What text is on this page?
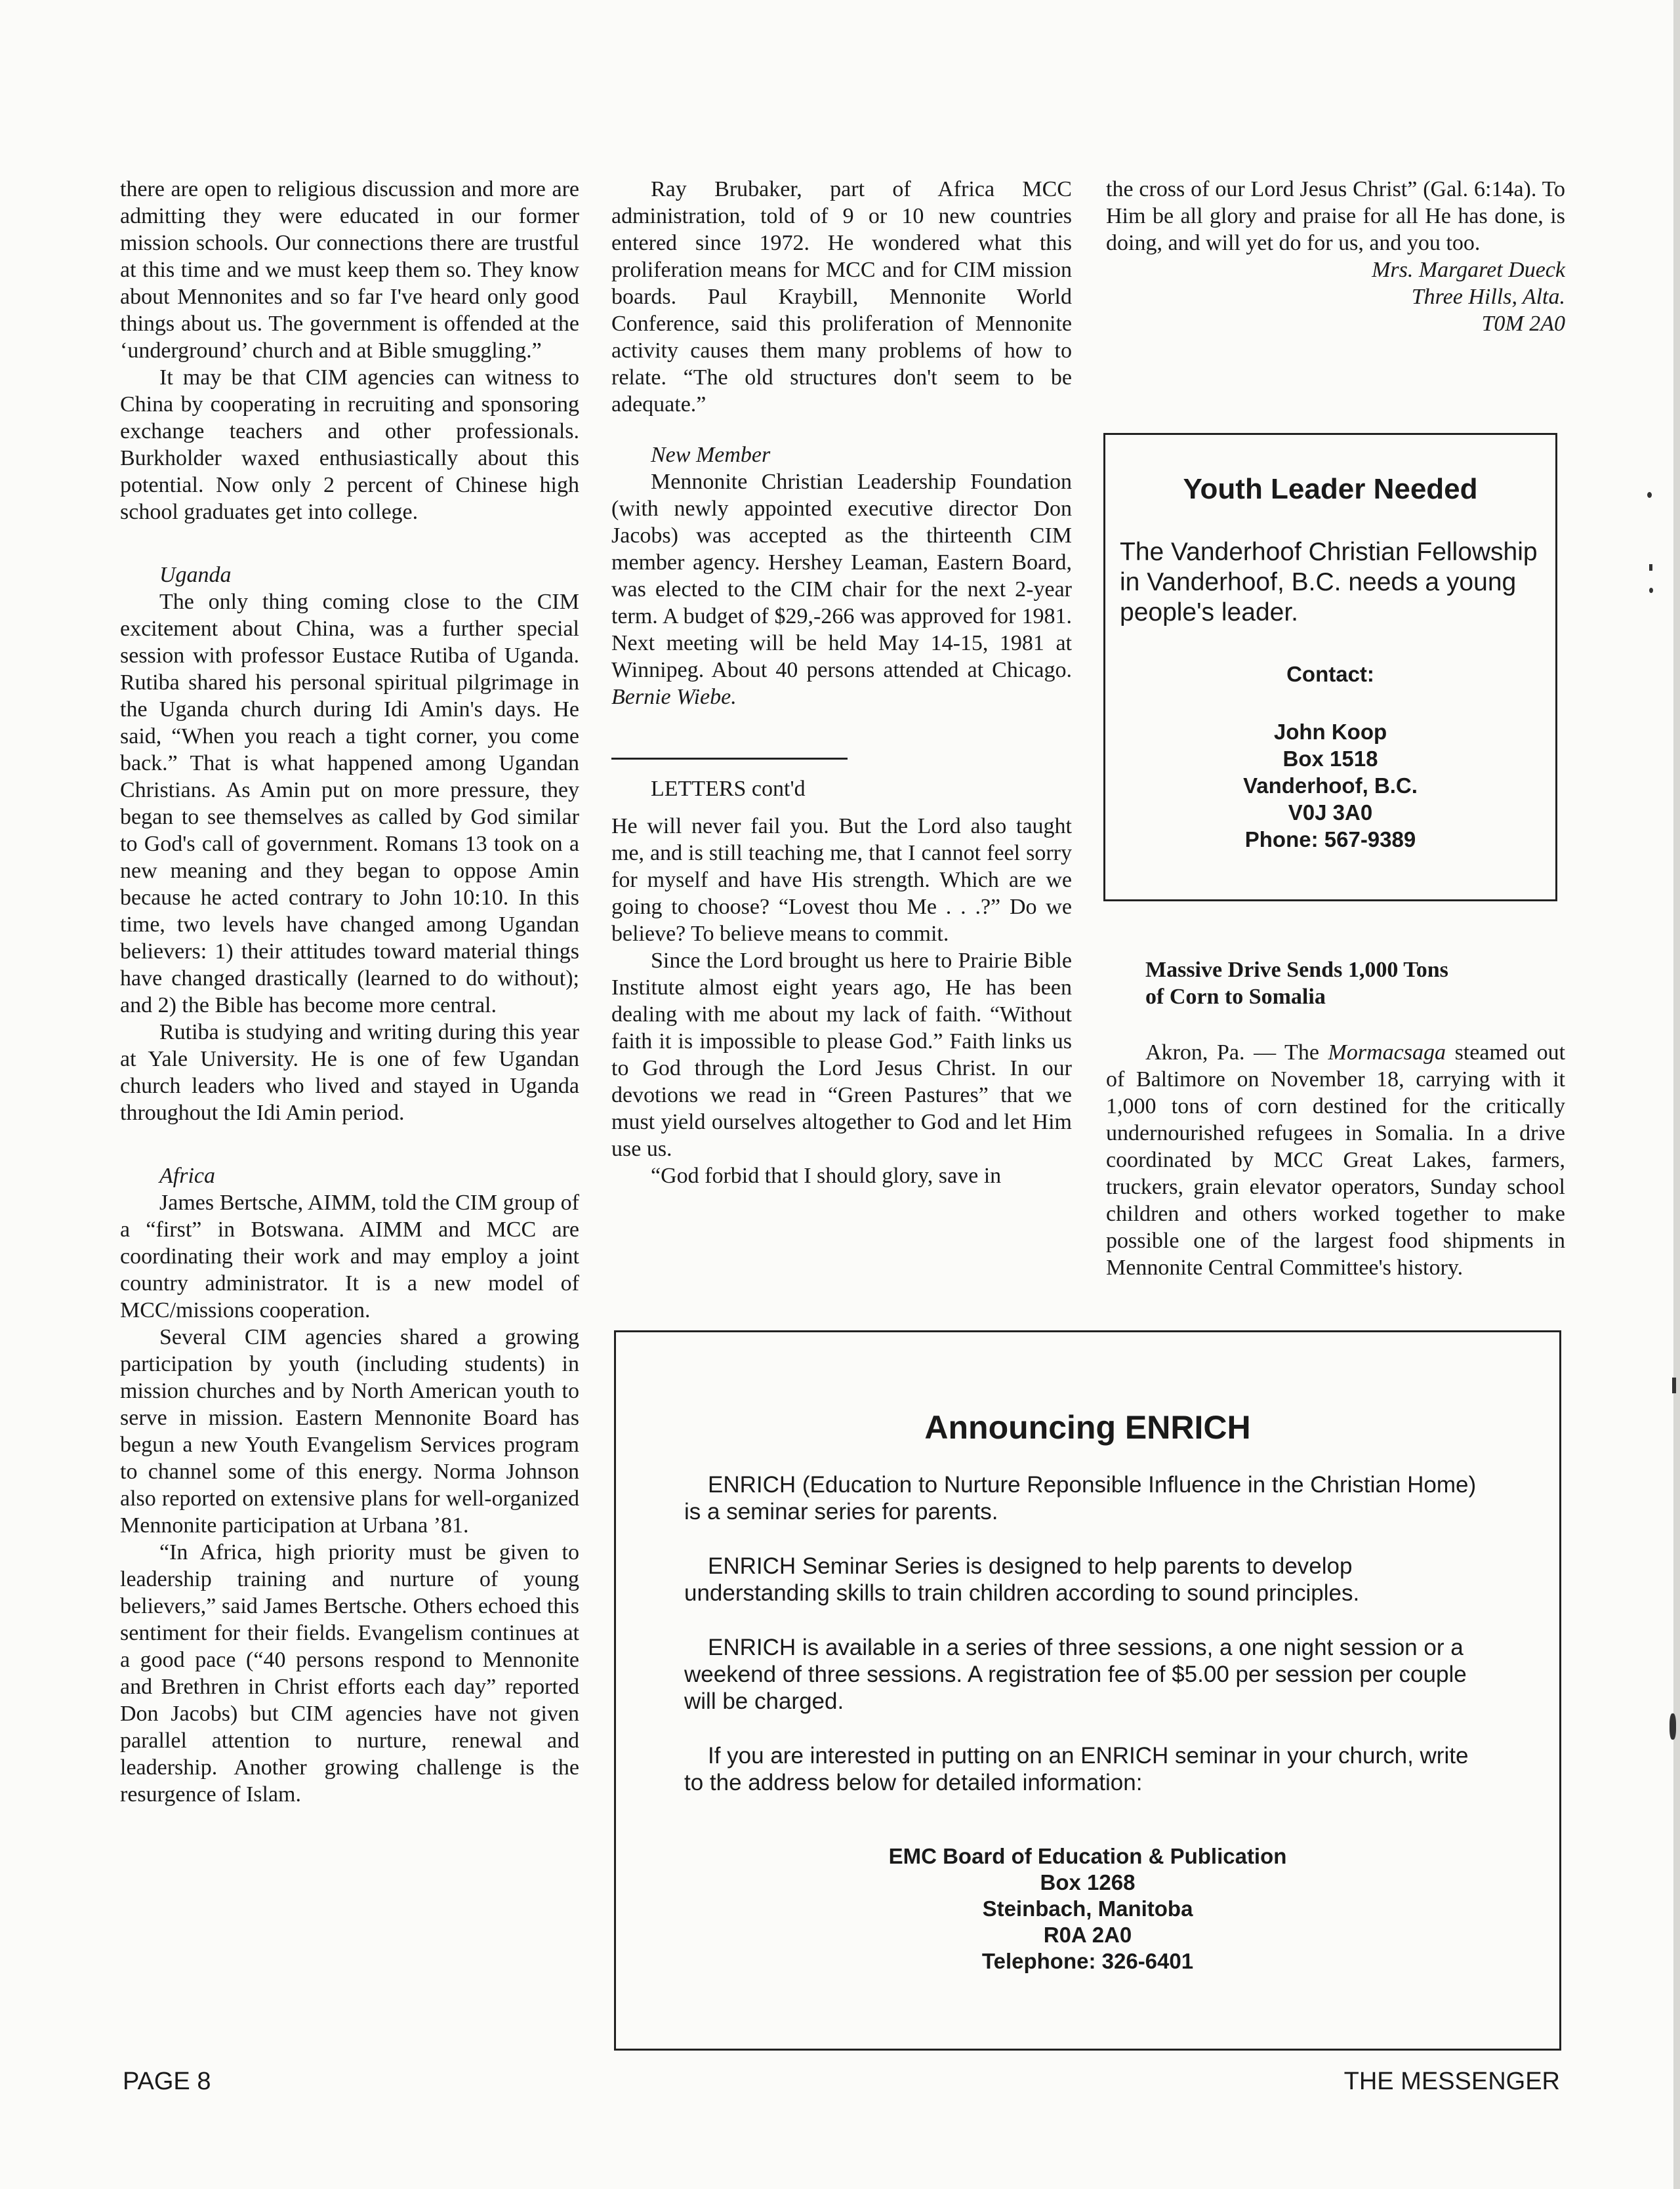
there are open to religious discussion and more are admitting they were educated in our former mission schools. Our connections there are trustful at this time and we must keep them so. They know about Mennonites and so far I've heard only good things about us. The government is offended at the ‘underground’ church and at Bible smuggling.”

It may be that CIM agencies can witness to China by cooperating in recruiting and sponsoring exchange teachers and other professionals. Burkholder waxed enthusiastically about this potential. Now only 2 percent of Chinese high school graduates get into college.

Uganda

The only thing coming close to the CIM excitement about China, was a further special session with professor Eustace Rutiba of Uganda. Rutiba shared his personal spiritual pilgrimage in the Uganda church during Idi Amin's days. He said, “When you reach a tight corner, you come back.” That is what happened among Ugandan Christians. As Amin put on more pressure, they began to see themselves as called by God similar to God's call of government. Romans 13 took on a new meaning and they began to oppose Amin because he acted contrary to John 10:10. In this time, two levels have changed among Ugandan believers: 1) their attitudes toward material things have changed drastically (learned to do without); and 2) the Bible has become more central.

Rutiba is studying and writing during this year at Yale University. He is one of few Ugandan church leaders who lived and stayed in Uganda throughout the Idi Amin period.

Africa

James Bertsche, AIMM, told the CIM group of a “first” in Botswana. AIMM and MCC are coordinating their work and may employ a joint country administrator. It is a new model of MCC/missions cooperation.

Several CIM agencies shared a growing participation by youth (including students) in mission churches and by North American youth to serve in mission. Eastern Mennonite Board has begun a new Youth Evangelism Services program to channel some of this energy. Norma Johnson also reported on extensive plans for well-organized Mennonite participation at Urbana ’81.

“In Africa, high priority must be given to leadership training and nurture of young believers,” said James Bertsche. Others echoed this sentiment for their fields. Evangelism continues at a good pace (“40 persons respond to Mennonite and Brethren in Christ efforts each day” reported Don Jacobs) but CIM agencies have not given parallel attention to nurture, renewal and leadership. Another growing challenge is the resurgence of Islam.

Ray Brubaker, part of Africa MCC administration, told of 9 or 10 new countries entered since 1972. He wondered what this proliferation means for MCC and for CIM mission boards. Paul Kraybill, Mennonite World Conference, said this proliferation of Mennonite activity causes them many problems of how to relate. “The old structures don't seem to be adequate.”

New Member

Mennonite Christian Leadership Foundation (with newly appointed executive director Don Jacobs) was accepted as the thirteenth CIM member agency. Hershey Leaman, Eastern Board, was elected to the CIM chair for the next 2-year term. A budget of $29,-266 was approved for 1981. Next meeting will be held May 14-15, 1981 at Winnipeg. About 40 persons attended at Chicago. Bernie Wiebe.

LETTERS cont'd

He will never fail you. But the Lord also taught me, and is still teaching me, that I cannot feel sorry for myself and have His strength. Which are we going to choose? “Lovest thou Me . . .?” Do we believe? To believe means to commit.

Since the Lord brought us here to Prairie Bible Institute almost eight years ago, He has been dealing with me about my lack of faith. “Without faith it is impossible to please God.” Faith links us to God through the Lord Jesus Christ. In our devotions we read in “Green Pastures” that we must yield ourselves altogether to God and let Him use us.

“God forbid that I should glory, save in

the cross of our Lord Jesus Christ” (Gal. 6:14a). To Him be all glory and praise for all He has done, is doing, and will yet do for us, and you too.

Mrs. Margaret Dueck

Three Hills, Alta.

T0M 2A0

Youth Leader Needed

The Vanderhoof Christian Fellowship in Vanderhoof, B.C. needs a young people's leader.

Contact:

John Koop

Box 1518

Vanderhoof, B.C.

V0J 3A0

Phone: 567-9389

Massive Drive Sends 1,000 Tons

of Corn to Somalia

Akron, Pa. — The Mormacsaga steamed out of Baltimore on November 18, carrying with it 1,000 tons of corn destined for the critically undernourished refugees in Somalia. In a drive coordinated by MCC Great Lakes, farmers, truckers, grain elevator operators, Sunday school children and others worked together to make possible one of the largest food shipments in Mennonite Central Committee's history.

Announcing ENRICH

ENRICH (Education to Nurture Reponsible Influence in the Christian Home) is a seminar series for parents.

ENRICH Seminar Series is designed to help parents to develop understanding skills to train children according to sound principles.

ENRICH is available in a series of three sessions, a one night session or a weekend of three sessions. A registration fee of $5.00 per session per couple will be charged.

If you are interested in putting on an ENRICH seminar in your church, write to the address below for detailed information:

EMC Board of Education & Publication

Box 1268

Steinbach, Manitoba

R0A 2A0

Telephone: 326-6401

PAGE 8	THE MESSENGER
